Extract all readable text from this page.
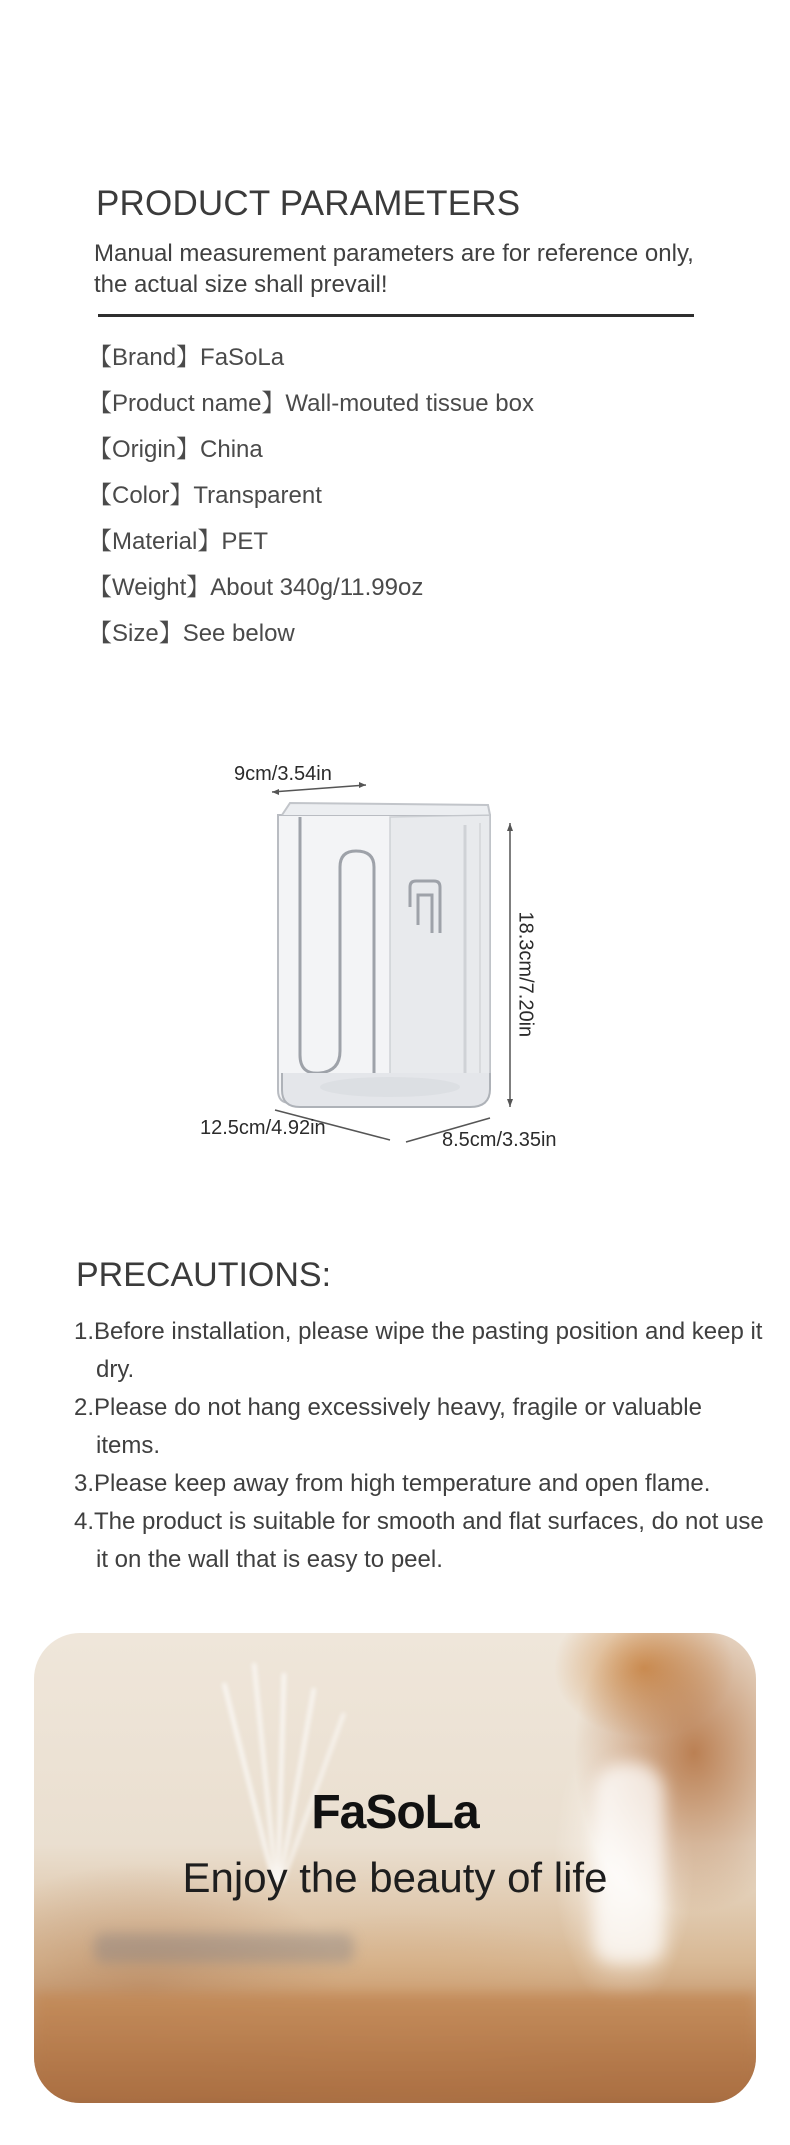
PRODUCT PARAMETERS

Manual measurement parameters are for reference only, the actual size shall prevail!

【Brand】FaSoLa
【Product name】Wall-mouted tissue box
【Origin】China
【Color】Transparent
【Material】PET
【Weight】About 340g/11.99oz
【Size】See below
9cm/3.54in
18.3cm/7.20in
12.5cm/4.92in
8.5cm/3.35in
PRECAUTIONS:
1.Before installation, please wipe the pasting position and keep it dry.
2.Please do not hang excessively heavy, fragile or valuable items.
3.Please keep away from high temperature and open flame.
4.The product is suitable for smooth and flat surfaces, do not use it on the wall that is easy to peel.
FaSoLa
Enjoy the beauty of life
